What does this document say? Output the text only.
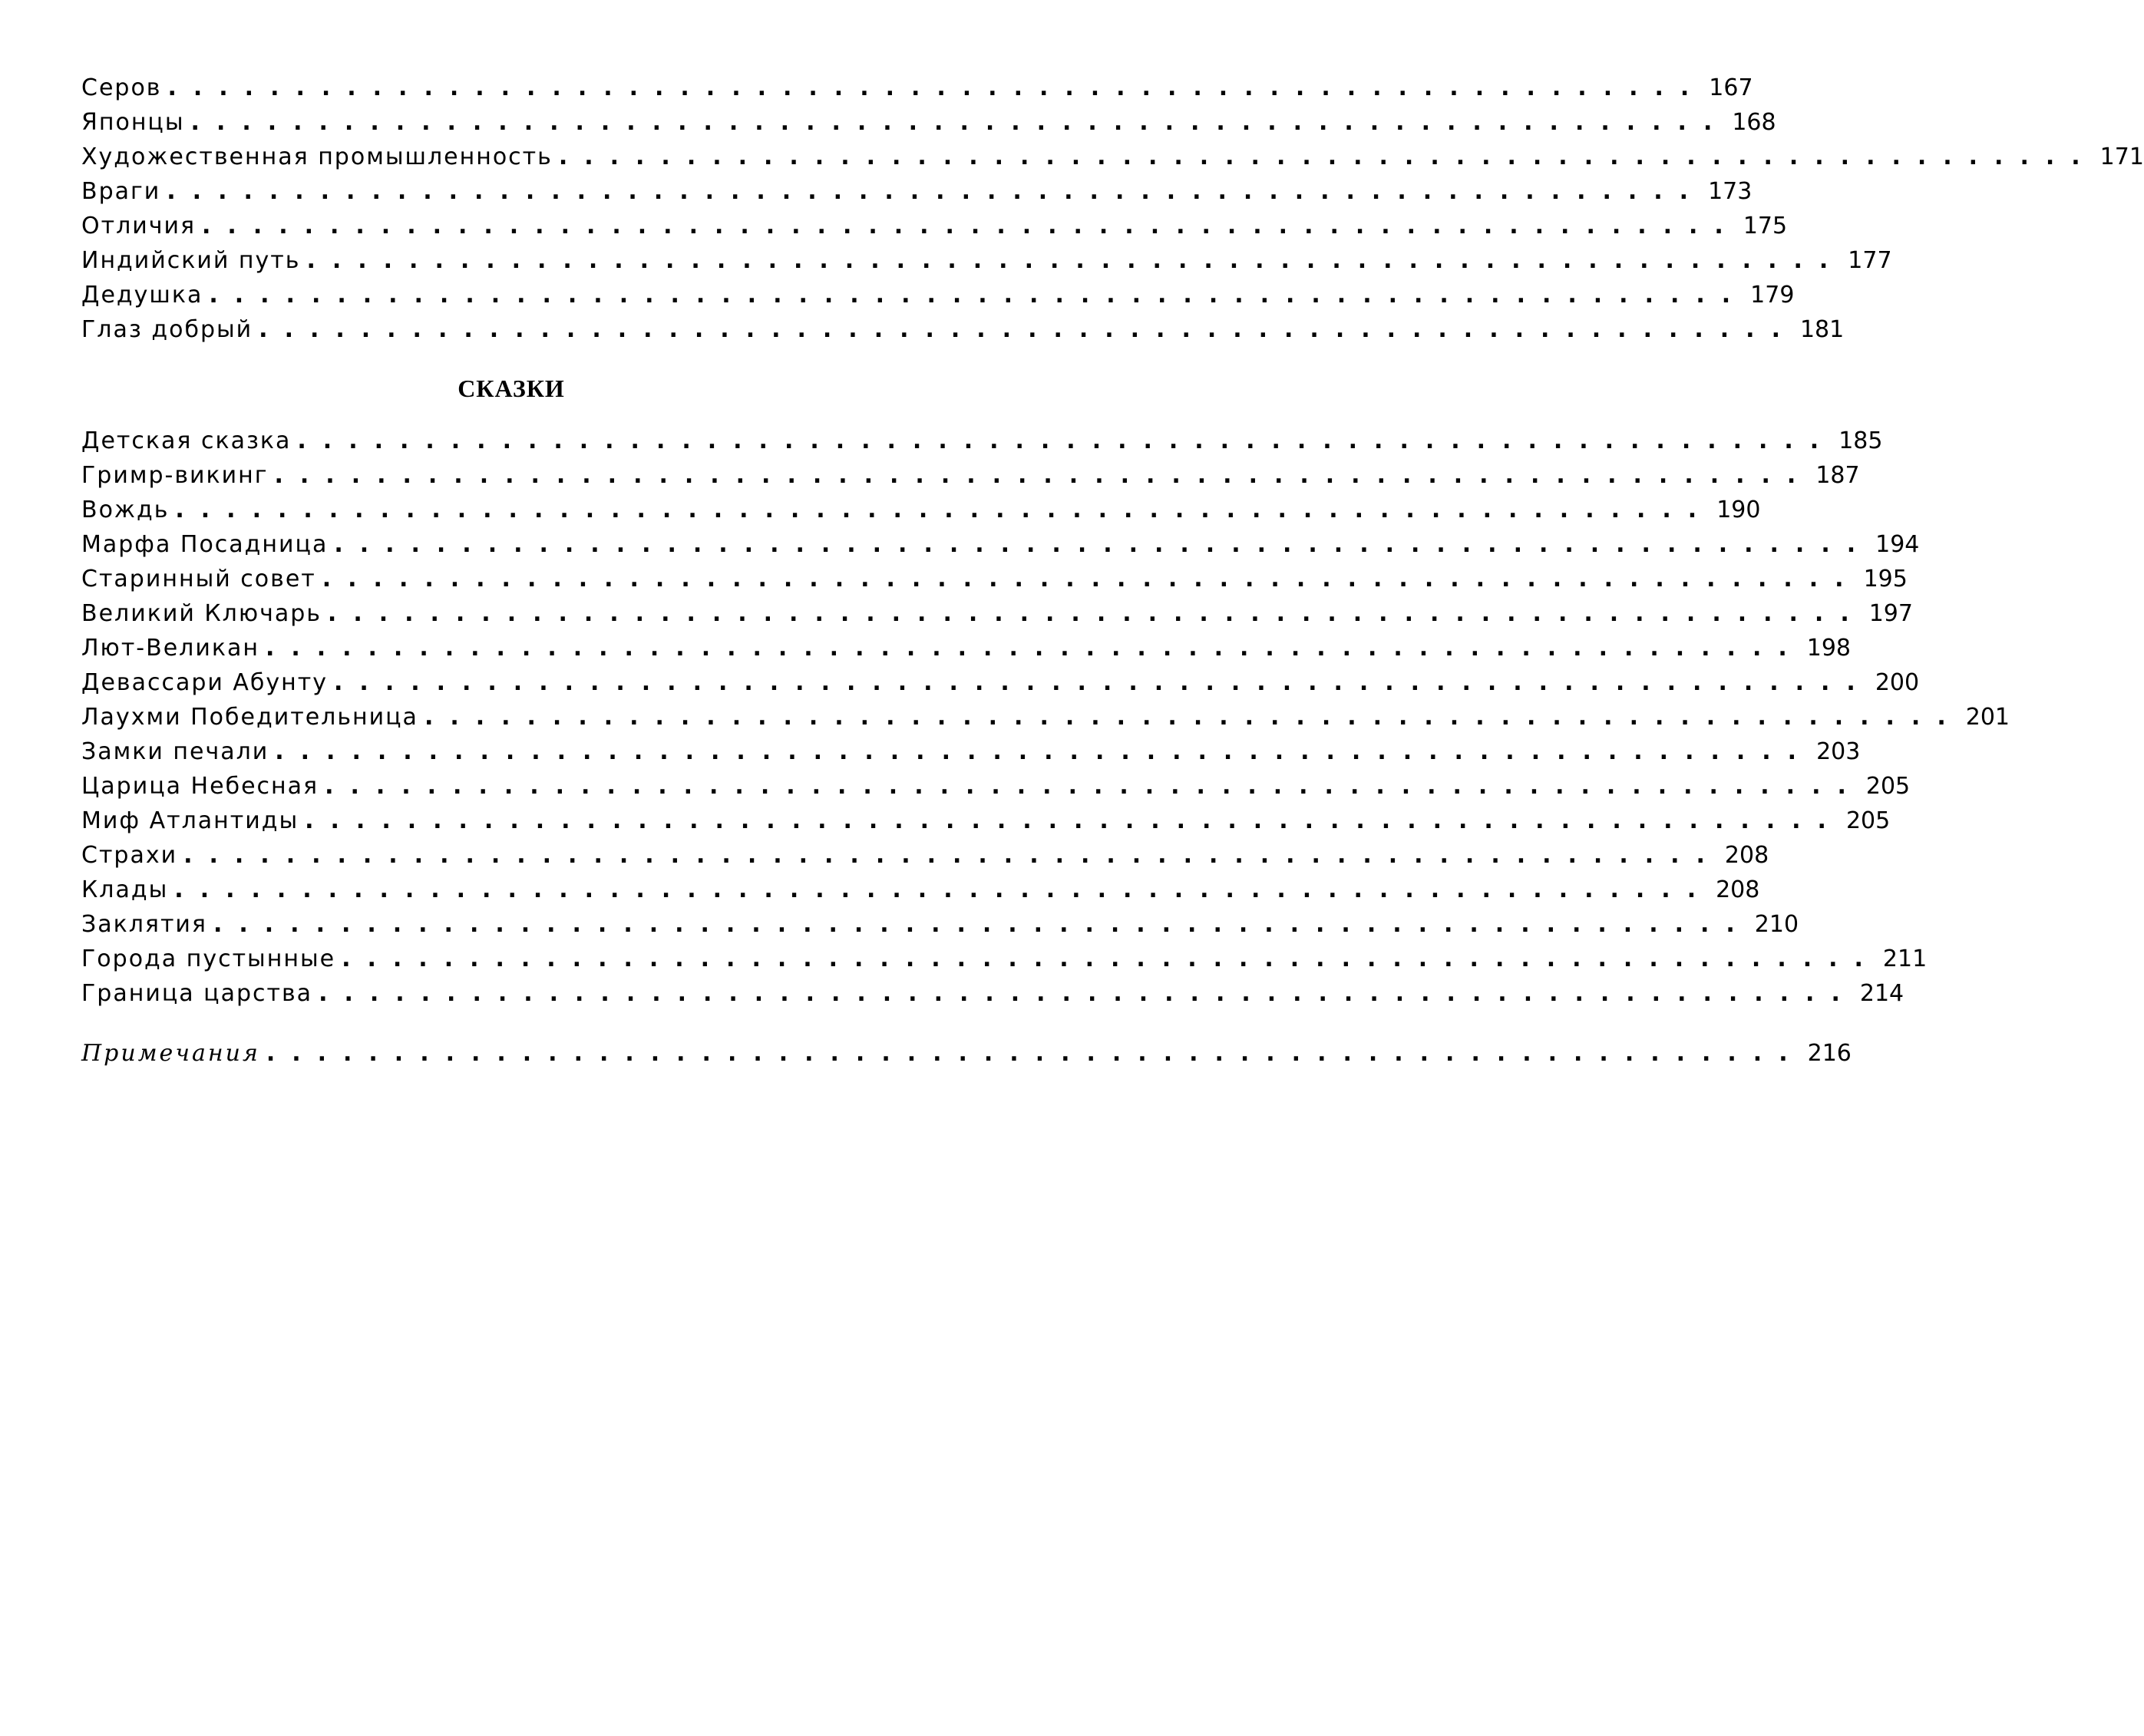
Серов ............................................................ 167
Японцы ............................................................ 168
Художественная промышленность ............................................................ 171
Враги ............................................................ 173
Отличия ............................................................ 175
Индийский путь ............................................................ 177
Дедушка ............................................................ 179
Глаз добрый ............................................................ 181
СКАЗКИ
Детская сказка ............................................................ 185
Гримр-викинг ............................................................ 187
Вождь ............................................................ 190
Марфа Посадница ............................................................ 194
Старинный совет ............................................................ 195
Великий Ключарь ............................................................ 197
Лют-Великан ............................................................ 198
Девассари Абунту ............................................................ 200
Лаухми Победительница ............................................................ 201
Замки печали ............................................................ 203
Царица Небесная ............................................................ 205
Миф Атлантиды ............................................................ 205
Страхи ............................................................ 208
Клады ............................................................ 208
Заклятия ............................................................ 210
Города пустынные ............................................................ 211
Граница царства ............................................................ 214
Примечания ............................................................ 216
